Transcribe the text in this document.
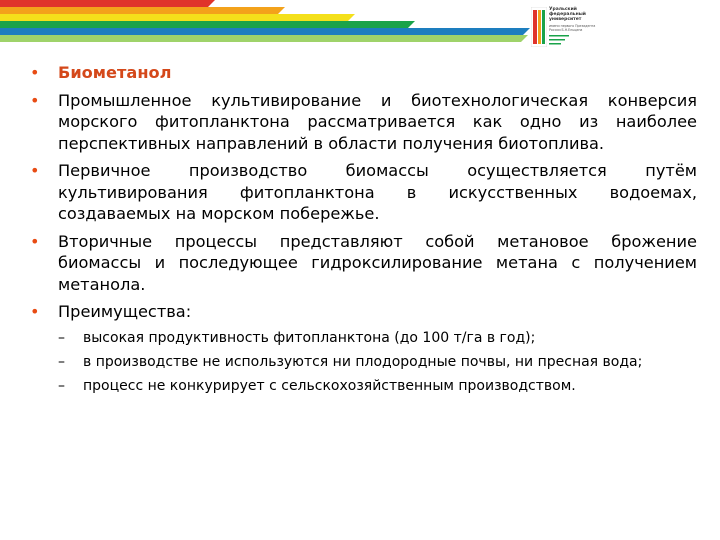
Уральский
федеральный
университет
имени первого Президента
России Б.Н.Ельцина
• Биометанол
• Промышленное культивирование и биотехнологическая конверсия морского фитопланктона рассматривается как одно из наиболее перспективных направлений в области получения биотоплива.
• Первичное производство биомассы осуществляется путём культивирования фитопланктона в искусственных водоемах, создаваемых на морском побережье.
• Вторичные процессы представляют собой метановое брожение биомассы и последующее гидроксилирование метана с получением метанола.
• Преимущества:
– высокая продуктивность фитопланктона (до 100 т/га в год);
– в производстве не используются ни плодородные почвы, ни пресная вода;
– процесс не конкурирует с сельскохозяйственным производством.
